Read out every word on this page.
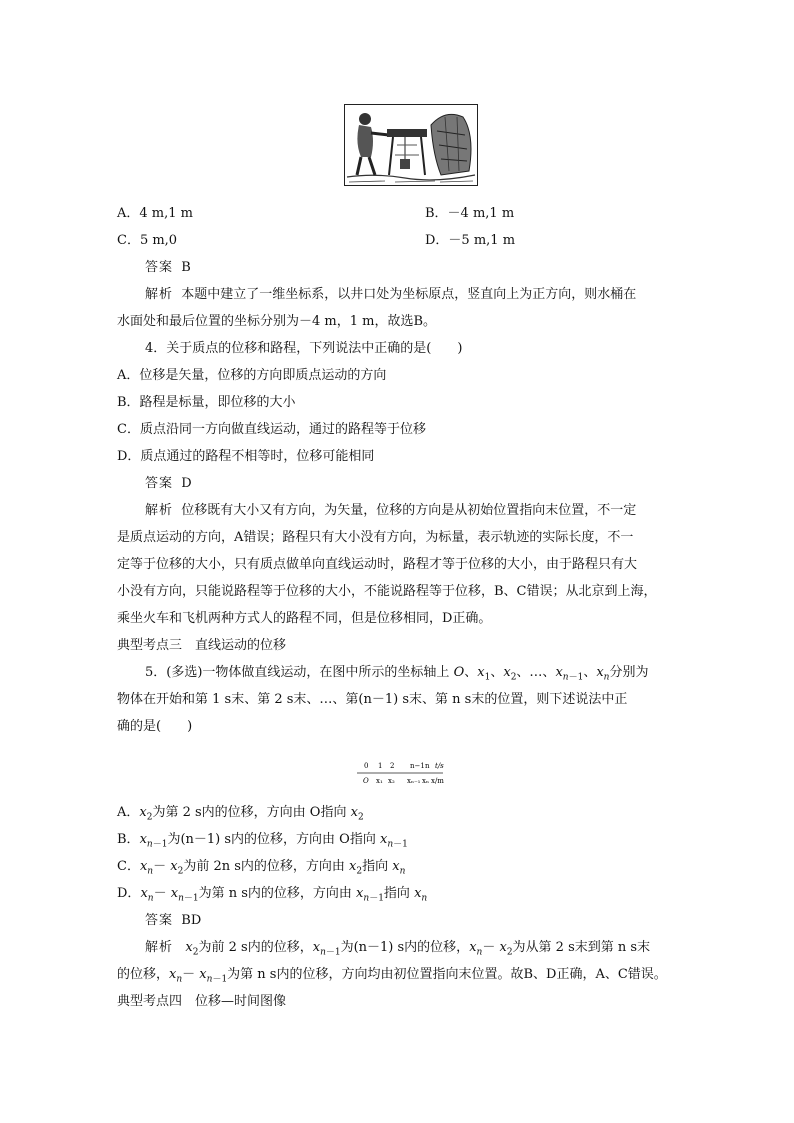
A．4 m,1 m	B．－4 m,1 m
C．5 m,0	D．－5 m,1 m
答案 B
解析 本题中建立了一维坐标系，以井口处为坐标原点，竖直向上为正方向，则水桶在
水面处和最后位置的坐标分别为－4 m，1 m，故选B。
4．关于质点的位移和路程，下列说法中正确的是(　　)
A．位移是矢量，位移的方向即质点运动的方向
B．路程是标量，即位移的大小
C．质点沿同一方向做直线运动，通过的路程等于位移
D．质点通过的路程不相等时，位移可能相同
答案 D
解析 位移既有大小又有方向，为矢量，位移的方向是从初始位置指向末位置，不一定
是质点运动的方向，A错误；路程只有大小没有方向，为标量，表示轨迹的实际长度，不一
定等于位移的大小，只有质点做单向直线运动时，路程才等于位移的大小，由于路程只有大
小没有方向，只能说路程等于位移的大小，不能说路程等于位移，B、C错误；从北京到上海，
乘坐火车和飞机两种方式人的路程不同，但是位移相同，D正确。
典型考点三　直线运动的位移
5．(多选)一物体做直线运动，在图中所示的坐标轴上 O、$x_1$、$x_2$、…、$x_{n-1}$、$x_n$分别为
物体在开始和第 1 s末、第 2 s末、…、第(n－1) s末、第 n s末的位置，则下述说法中正
确的是(　　)
0 1 2 n−1 n t/s
O x₁ x₂ xₙ₋₁ xₙ x/m
A．$x_2$为第 2 s内的位移，方向由 O指向 $x_2$
B．$x_{n-1}$为(n－1) s内的位移，方向由 O指向 $x_{n-1}$
C．$x_n- x_2$为前 2n s内的位移，方向由 $x_2$指向 $x_n$
D．$x_n- x_{n-1}$为第 n s内的位移，方向由 $x_{n-1}$指向 $x_n$
答案 BD
解析 $x_2$为前 2 s内的位移，$x_{n-1}$为(n－1) s内的位移，$x_n- x_2$为从第 2 s末到第 n s末
的位移，$x_n- x_{n-1}$为第 n s内的位移，方向均由初位置指向末位置。故B、D正确，A、C错误。
典型考点四　位移—时间图像
